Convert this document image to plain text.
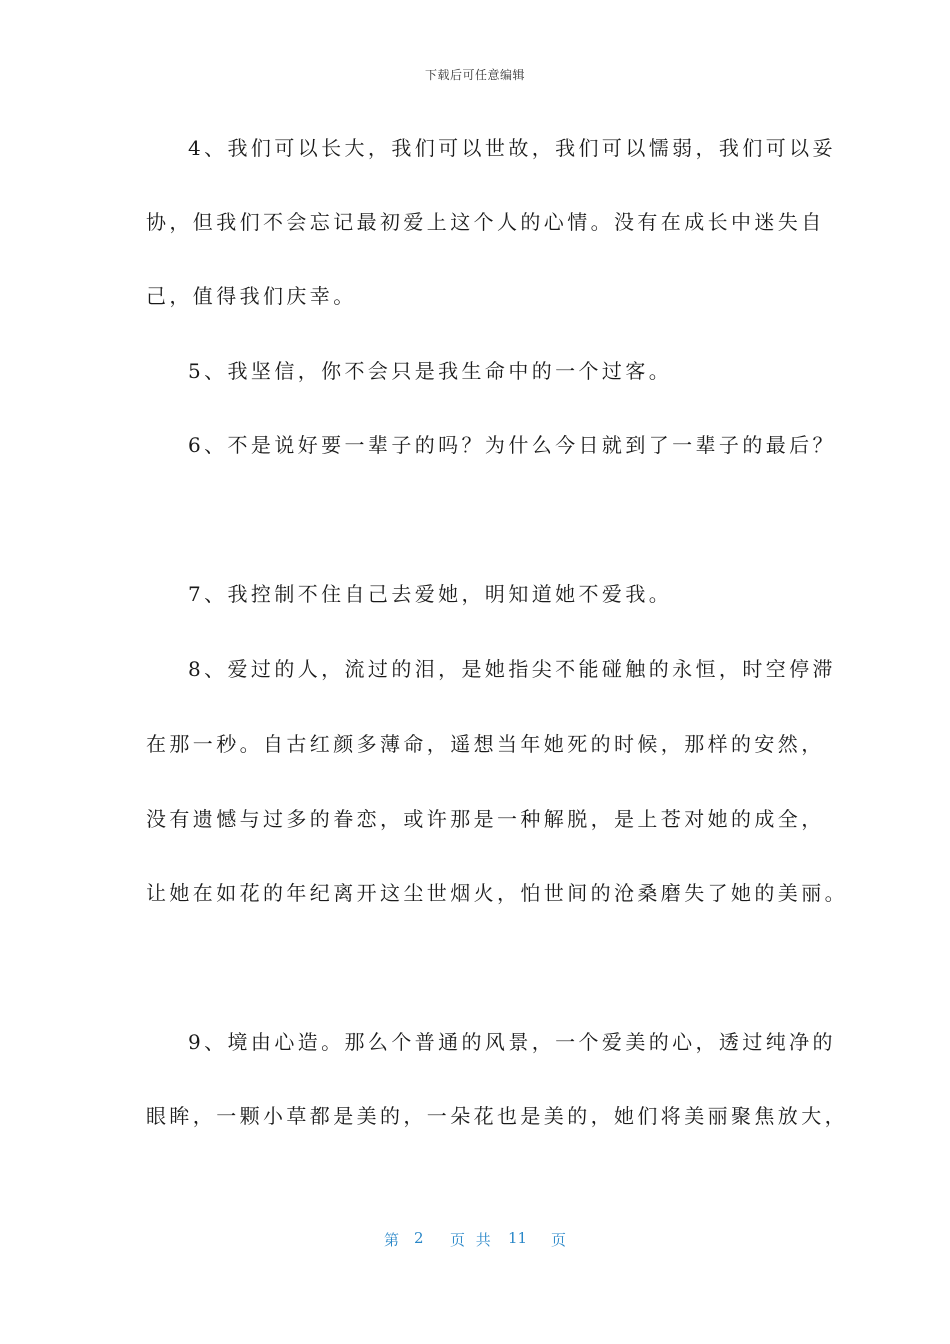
下载后可任意编辑
4、我们可以长大，我们可以世故，我们可以懦弱，我们可以妥
协，但我们不会忘记最初爱上这个人的心情。没有在成长中迷失自
己，值得我们庆幸。
5、我坚信，你不会只是我生命中的一个过客。
6、不是说好要一辈子的吗？为什么今日就到了一辈子的最后？
7、我控制不住自己去爱她，明知道她不爱我。
8、爱过的人，流过的泪，是她指尖不能碰触的永恒，时空停滞
在那一秒。自古红颜多薄命，遥想当年她死的时候，那样的安然，
没有遗憾与过多的眷恋，或许那是一种解脱，是上苍对她的成全，
让她在如花的年纪离开这尘世烟火，怕世间的沧桑磨失了她的美丽。
9、境由心造。那么个普通的风景，一个爱美的心，透过纯净的
眼眸，一颗小草都是美的，一朵花也是美的，她们将美丽聚焦放大，
第 2 页 共 11 页
